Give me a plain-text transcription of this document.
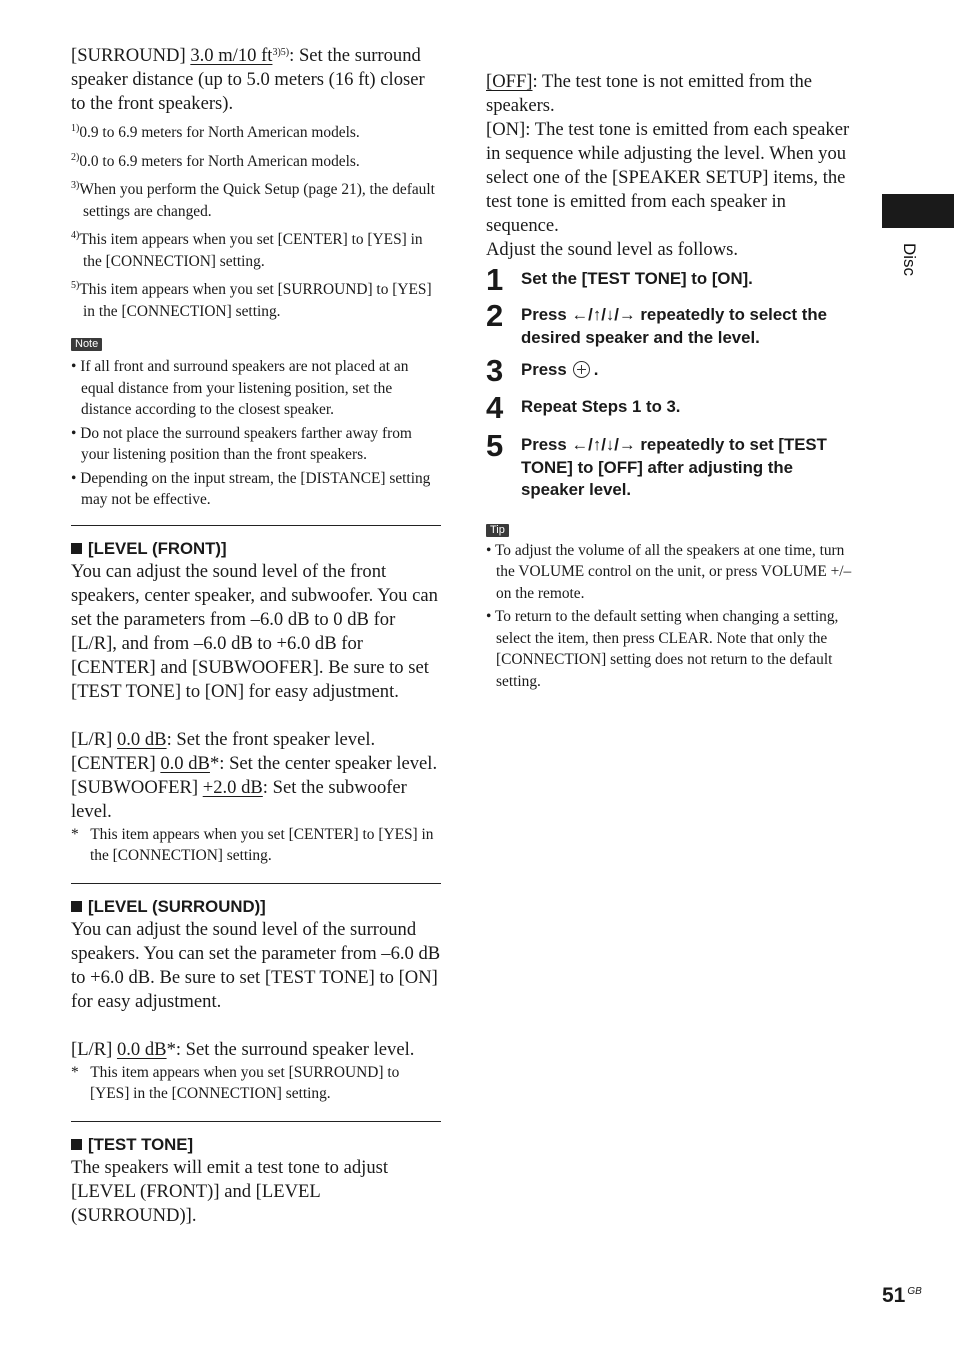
[SURROUND] 3.0 m/10 $ft^{3)5)}$: Set the surround speaker distance (up to 5.0 meters (16 ft) closer to the front speakers).

$^{1)}$0.9 to 6.9 meters for North American models.

$^{2)}$0.0 to 6.9 meters for North American models.

$^{3)}$When you perform the Quick Setup (page 21), the default settings are changed.

$^{4)}$This item appears when you set [CENTER] to [YES] in the [CONNECTION] setting.

$^{5)}$This item appears when you set [SURROUND] to [YES] in the [CONNECTION] setting.

Note
• If all front and surround speakers are not placed at an equal distance from your listening position, set the distance according to the closest speaker.
• Do not place the surround speakers farther away from your listening position than the front speakers.
• Depending on the input stream, the [DISTANCE] setting may not be effective.
[LEVEL (FRONT)]

You can adjust the sound level of the front speakers, center speaker, and subwoofer. You can set the parameters from –6.0 dB to 0 dB for [L/R], and from –6.0 dB to +6.0 dB for [CENTER] and [SUBWOOFER]. Be sure to set [TEST TONE] to [ON] for easy adjustment.

[L/R] 0.0 dB: Set the front speaker level.

[CENTER] 0.0 dB*: Set the center speaker level.

[SUBWOOFER] +2.0 dB: Set the subwoofer level.

* This item appears when you set [CENTER] to [YES] in the [CONNECTION] setting.

[LEVEL (SURROUND)]

You can adjust the sound level of the surround speakers. You can set the parameter from –6.0 dB to +6.0 dB. Be sure to set [TEST TONE] to [ON] for easy adjustment.

[L/R] 0.0 dB*: Set the surround speaker level.

* This item appears when you set [SURROUND] to [YES] in the [CONNECTION] setting.

[TEST TONE]

The speakers will emit a test tone to adjust [LEVEL (FRONT)] and [LEVEL (SURROUND)].

[OFF]: The test tone is not emitted from the speakers.

[ON]: The test tone is emitted from each speaker in sequence while adjusting the level. When you select one of the [SPEAKER SETUP] items, the test tone is emitted from each speaker in sequence.

Adjust the sound level as follows.

1	Set the [TEST TONE] to [ON].
2	Press ←/↑/↓/→ repeatedly to select the desired speaker and the level.
3	Press .
4	Repeat Steps 1 to 3.
5	Press ←/↑/↓/→ repeatedly to set [TEST TONE] to [OFF] after adjusting the speaker level.
Tip
• To adjust the volume of all the speakers at one time, turn the VOLUME control on the unit, or press VOLUME +/– on the remote.
• To return to the default setting when changing a setting, select the item, then press CLEAR. Note that only the [CONNECTION] setting does not return to the default setting.
Disc
51 $^{GB}$
